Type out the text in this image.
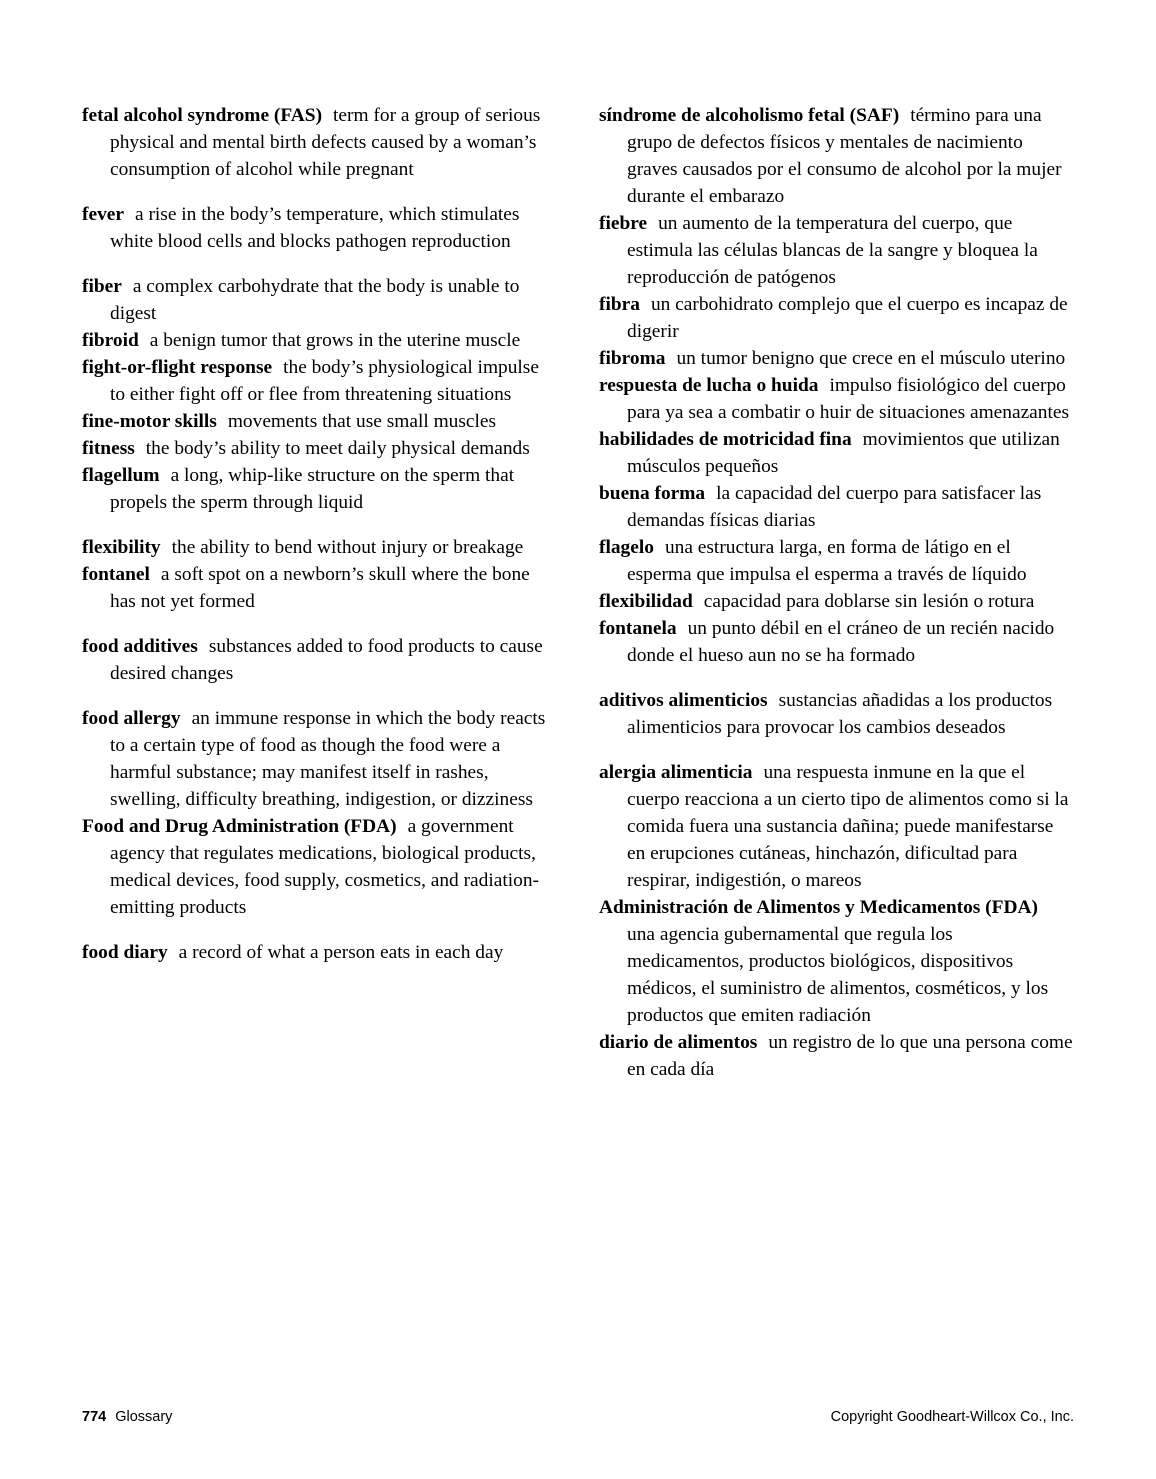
fetal alcohol syndrome (FAS) term for a group of serious physical and mental birth defects caused by a woman’s consumption of alcohol while pregnant

fever a rise in the body’s temperature, which stimulates white blood cells and blocks pathogen reproduction

fiber a complex carbohydrate that the body is unable to digest

fibroid a benign tumor that grows in the uterine muscle

fight-or-flight response the body’s physiological impulse to either fight off or flee from threatening situations

fine-motor skills movements that use small muscles

fitness the body’s ability to meet daily physical demands

flagellum a long, whip-like structure on the sperm that propels the sperm through liquid

flexibility the ability to bend without injury or breakage

fontanel a soft spot on a newborn’s skull where the bone has not yet formed

food additives substances added to food products to cause desired changes

food allergy an immune response in which the body reacts to a certain type of food as though the food were a harmful substance; may manifest itself in rashes, swelling, difficulty breathing, indigestion, or dizziness

Food and Drug Administration (FDA) a government agency that regulates medications, biological products, medical devices, food supply, cosmetics, and radiation-emitting products

food diary a record of what a person eats in each day

síndrome de alcoholismo fetal (SAF) término para una grupo de defectos físicos y mentales de nacimiento graves causados por el consumo de alcohol por la mujer durante el embarazo

fiebre un aumento de la temperatura del cuerpo, que estimula las células blancas de la sangre y bloquea la reproducción de patógenos

fibra un carbohidrato complejo que el cuerpo es incapaz de digerir

fibroma un tumor benigno que crece en el músculo uterino

respuesta de lucha o huida impulso fisiológico del cuerpo para ya sea a combatir o huir de situaciones amenazantes

habilidades de motricidad fina movimientos que utilizan músculos pequeños

buena forma la capacidad del cuerpo para satisfacer las demandas físicas diarias

flagelo una estructura larga, en forma de látigo en el esperma que impulsa el esperma a través de líquido

flexibilidad capacidad para doblarse sin lesión o rotura

fontanela un punto débil en el cráneo de un recién nacido donde el hueso aun no se ha formado

aditivos alimenticios sustancias añadidas a los productos alimenticios para provocar los cambios deseados

alergia alimenticia una respuesta inmune en la que el cuerpo reacciona a un cierto tipo de alimentos como si la comida fuera una sustancia dañina; puede manifestarse en erupciones cutáneas, hinchazón, dificultad para respirar, indigestión, o mareos

Administración de Alimentos y Medicamentos (FDA)una agencia gubernamental que regula los medicamentos, productos biológicos, dispositivos médicos, el suministro de alimentos, cosméticos, y los productos que emiten radiación

diario de alimentos un registro de lo que una persona come en cada día

774 Glossary	Copyright Goodheart-Willcox Co., Inc.
